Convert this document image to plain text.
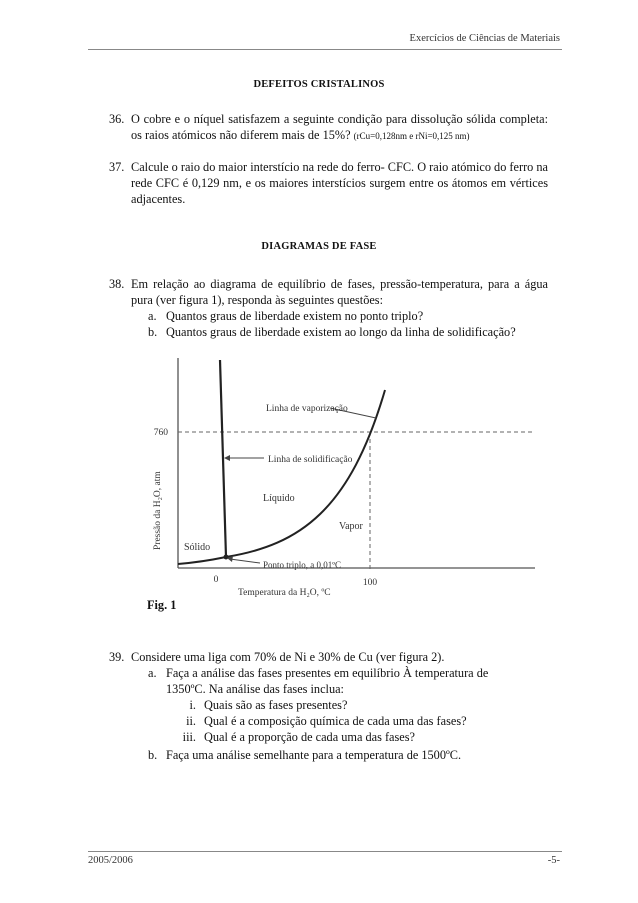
Exercícios de Ciências de Materiais
DEFEITOS CRISTALINOS
36. O cobre e o níquel satisfazem a seguinte condição para dissolução sólida completa: os raios atómicos não diferem mais de 15%? (rCu=0,128nm e rNi=0,125 nm)
37. Calcule o raio do maior interstício na rede do ferro- CFC. O raio atómico do ferro na rede CFC é 0,129 nm, e os maiores interstícios surgem entre os átomos em vértices adjacentes.
DIAGRAMAS DE FASE
38. Em relação ao diagrama de equilíbrio de fases, pressão-temperatura, para a água pura (ver figura 1), responda às seguintes questões:
a. Quantos graus de liberdade existem no ponto triplo?
b. Quantos graus de liberdade existem ao longo da linha de solidificação?
Linha de vaporização
Linha de solidificação
Líquido
Vapor
Sólido
Ponto triplo, a 0,01ºC
760
0	100
Temperatura da H₂O, ºC
Pressão da H₂O, atm
Fig. 1
39. Considere uma liga com 70% de Ni e 30% de Cu (ver figura 2).
a. Faça a análise das fases presentes em equilíbrio À temperatura de
1350ºC. Na análise das fases inclua:
i. Quais são as fases presentes?
ii. Qual é a composição química de cada uma das fases?
iii. Qual é a proporção de cada uma das fases?
b. Faça uma análise semelhante para a temperatura de 1500ºC.
2005/2006	-5-
